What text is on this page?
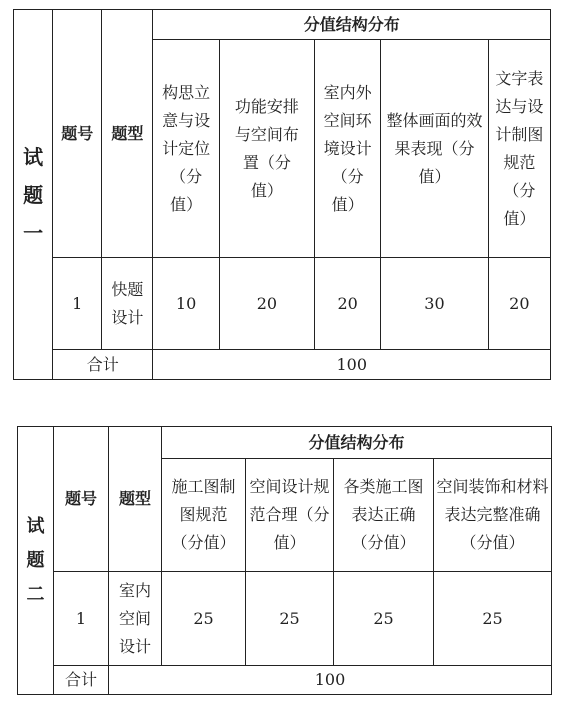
试题一	题号	题型	分值结构分布				

			构思立意与设计定位（分值）	功能安排与空间布置（分值）	室内外空间环境设计（分值）	整体画面的效果表现（分值）	文字表达与设计制图规范（分值）

	1	快题设计	10	20	20	30	20
	合计		100				
试题二	题号	题型	分值结构分布			

			施工图制图规范（分值）	空间设计规范合理（分值）	各类施工图表达正确（分值）	空间装饰和材料表达完整准确（分值）

	1	室内空间设计	25	25	25	25
	合计	100				
